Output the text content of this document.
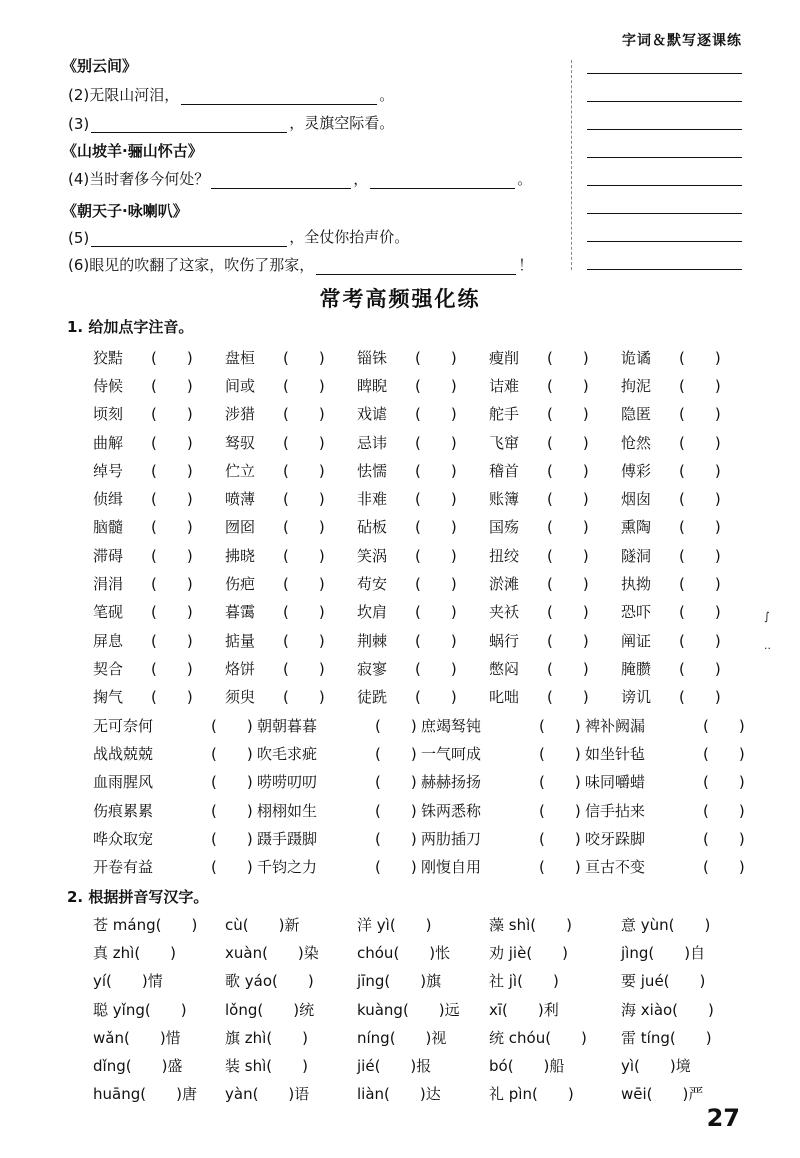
字词＆默写逐课练
《别云间》
(2)无限山河泪，	。
(3)	，灵旗空际看。
《山坡羊·骊山怀古》
(4)当时奢侈今何处？	，	。
《朝天子·咏喇叭》
(5)	，全仗你抬声价。
(6)眼见的吹翻了这家，吹伤了那家，	！
常考高频强化练
1. 给加点字注音。
狡黠 (　　)	盘桓 (　　)	锱铢 (　　)	瘦削 (　　)	诡谲 (　　)
侍候 (　　)	间或 (　　)	睥睨 (　　)	诘难 (　　)	拘泥 (　　)
顷刻 (　　)	涉猎 (　　)	戏谑 (　　)	舵手 (　　)	隐匿 (　　)
曲解 (　　)	驽驭 (　　)	忌讳 (　　)	飞窜 (　　)	怆然 (　　)
绰号 (　　)	伫立 (　　)	怯懦 (　　)	稽首 (　　)	傅彩 (　　)
侦缉 (　　)	喷薄 (　　)	非难 (　　)	账簿 (　　)	烟囱 (　　)
脑髓 (　　)	囫囵 (　　)	砧板 (　　)	国殇 (　　)	熏陶 (　　)
滞碍 (　　)	拂晓 (　　)	笑涡 (　　)	扭绞 (　　)	隧洞 (　　)
涓涓 (　　)	伤疤 (　　)	苟安 (　　)	淤滩 (　　)	执拗 (　　)
笔砚 (　　)	暮霭 (　　)	坎肩 (　　)	夹袄 (　　)	恐吓 (　　)
屏息 (　　)	掂量 (　　)	荆棘 (　　)	蜗行 (　　)	阐证 (　　)
契合 (　　)	烙饼 (　　)	寂寥 (　　)	憋闷 (　　)	腌臜 (　　)
掬气 (　　)	须臾 (　　)	徒跣 (　　)	叱咄 (　　)	谤讥 (　　)
无可奈何	(　　) 朝朝暮暮	(　　) 庶竭驽钝	(　　) 裨补阙漏	(　　)
战战兢兢	(　　) 吹毛求疵	(　　) 一气呵成	(　　) 如坐针毡	(　　)
血雨腥风	(　　) 唠唠叨叨	(　　) 赫赫扬扬	(　　) 味同嚼蜡	(　　)
伤痕累累	(　　) 栩栩如生	(　　) 铢两悉称	(　　) 信手拈来	(　　)
哗众取宠	(　　) 蹑手蹑脚	(　　) 两肋插刀	(　　) 咬牙跺脚	(　　)
开卷有益	(　　) 千钧之力	(　　) 刚愎自用	(　　) 亘古不变	(　　)
2. 根据拼音写汉字。
苍 máng(　　)	cù(　　)新	洋 yì(　　)	藻 shì(　　)	意 yùn(　　)
真 zhì(　　)	xuàn(　　)染	chóu(　　)怅	劝 jiè(　　)	jìng(　　)自
yí(　　)情	歌 yáo(　　)	jīng(　　)旗	社 jì(　　)	要 jué(　　)
聪 yǐng(　　)	lǒng(　　)统	kuàng(　　)远	xī(　　)利	海 xiào(　　)
wǎn(　　)惜	旗 zhì(　　)	níng(　　)视	统 chóu(　　)	雷 tíng(　　)
dǐng(　　)盛	装 shì(　　)	jié(　　)报	bó(　　)船	yì(　　)境
huāng(　　)唐	yàn(　　)语	liàn(　　)达	礼 pìn(　　)	wēi(　　)严
27
∫
··
